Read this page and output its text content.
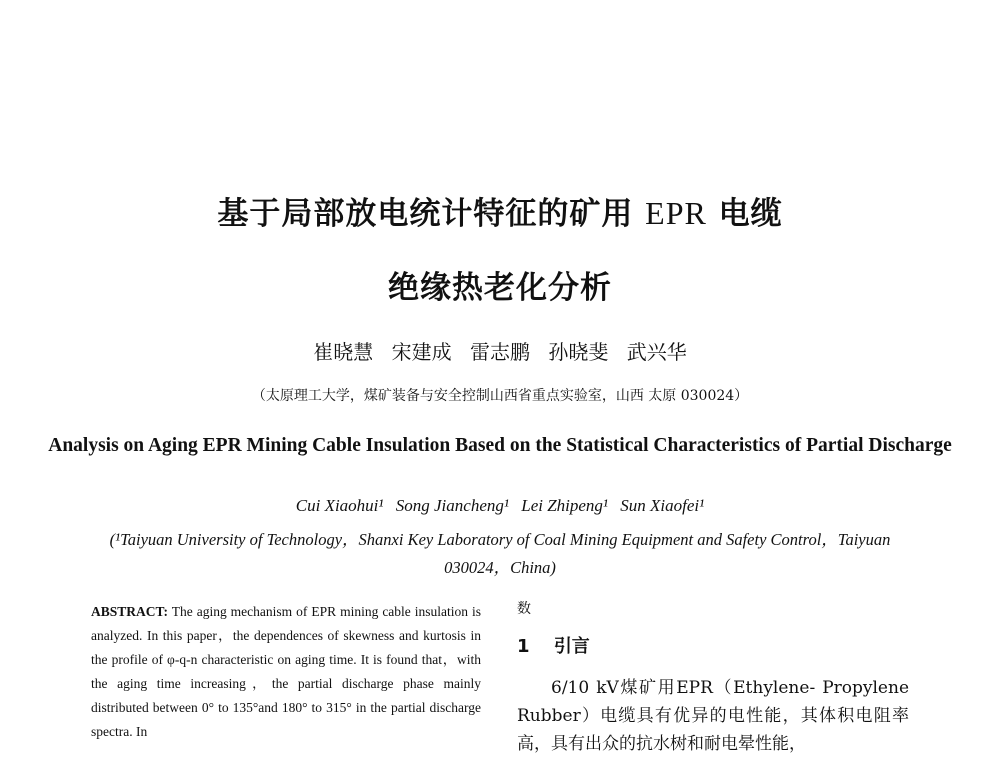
基于局部放电统计特征的矿用 EPR 电缆
绝缘热老化分析
崔晓慧 宋建成 雷志鹏 孙晓斐 武兴华
（太原理工大学，煤矿装备与安全控制山西省重点实验室，山西 太原 030024）
Analysis on Aging EPR Mining Cable Insulation Based on the Statistical Characteristics of Partial Discharge
Cui Xiaohui¹ Song Jiancheng¹ Lei Zhipeng¹ Sun Xiaofei¹
(¹Taiyuan University of Technology，Shanxi Key Laboratory of Coal Mining Equipment and Safety Control，Taiyuan 030024，China)
ABSTRACT: The aging mechanism of EPR mining cable insulation is analyzed. In this paper，the dependences of skewness and kurtosis in the profile of φ-q-n characteristic on aging time. It is found that，with the aging time increasing，the partial discharge phase mainly distributed between 0° to 135°and 180° to 315° in the partial discharge spectra. In
数
1 引言
6/10 kV煤矿用EPR（Ethylene- Propylene Rubber）电缆具有优异的电性能，其体积电阻率高，具有出众的抗水树和耐电晕性能，
